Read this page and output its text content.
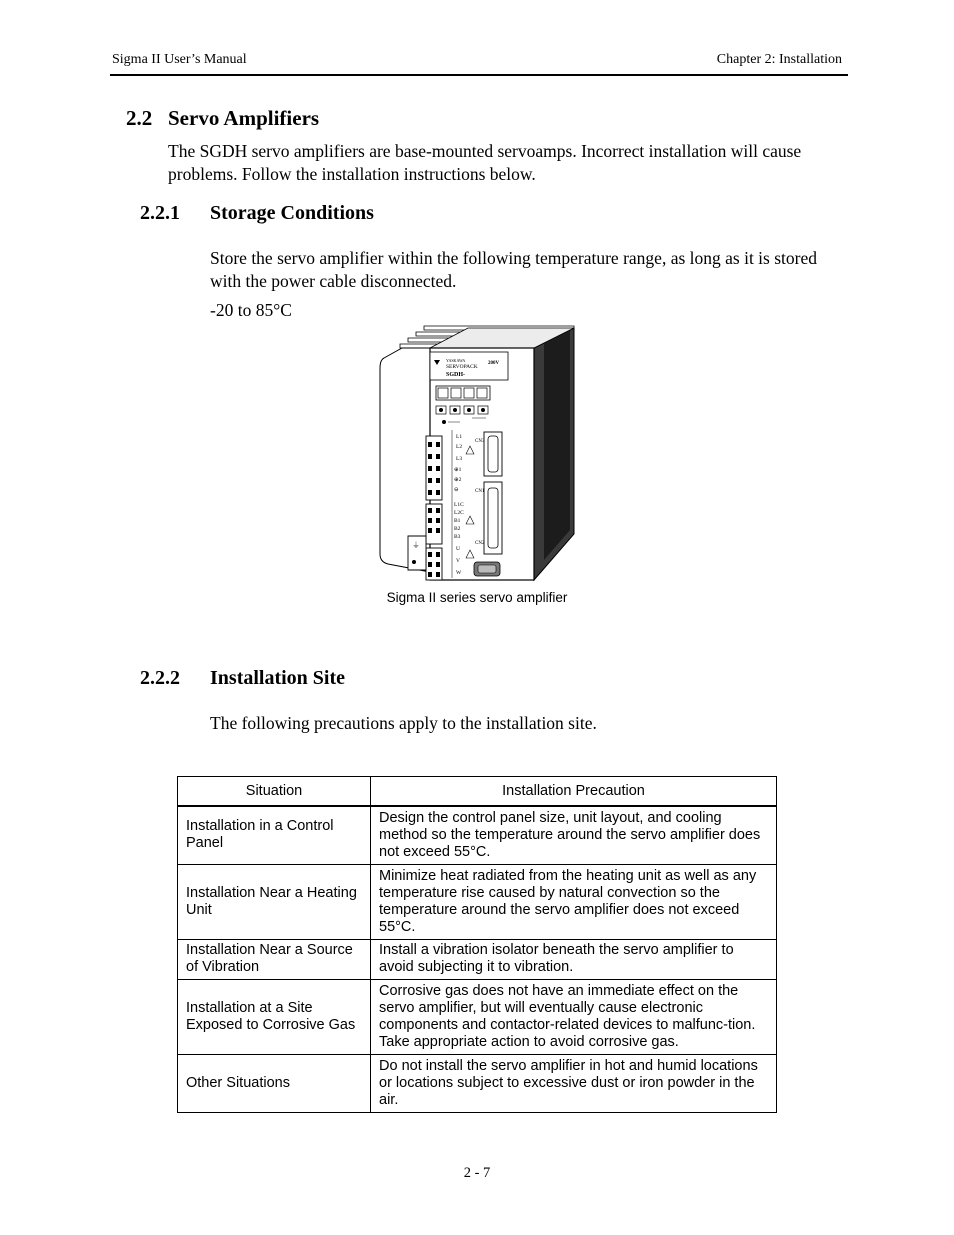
Sigma II User’s Manual	Chapter 2: Installation
2.2 Servo Amplifiers
The SGDH servo amplifiers are base-mounted servoamps. Incorrect installation will cause problems. Follow the installation instructions below.
2.2.1 Storage Conditions
Store the servo amplifier within the following temperature range, as long as it is stored with the power cable disconnected.
-20 to 85°C
YASKAWA
SERVOPACK
SGDH-
200V
⏚
L1
L2
L3
⊕1
⊕2
⊖
L1C
L2C
B1
B2
B3
U
V
W
CN3
CN1
CN2
Sigma II series servo amplifier
2.2.2 Installation Site
The following precautions apply to the installation site.
Situation	Installation Precaution
Installation in a Control Panel	Design the control panel size, unit layout, and cooling method so the temperature around the servo amplifier does not exceed 55°C.
Installation Near a Heating Unit	Minimize heat radiated from the heating unit as well as any temperature rise caused by natural convection so the temperature around the servo amplifier does not exceed 55°C.
Installation Near a Source of Vibration	Install a vibration isolator beneath the servo amplifier to avoid subjecting it to vibration.
Installation at a Site Exposed to Corrosive Gas	Corrosive gas does not have an immediate effect on the servo amplifier, but will eventually cause electronic components and contactor-related devices to malfunc-tion. Take appropriate action to avoid corrosive gas.
Other Situations	Do not install the servo amplifier in hot and humid locations or locations subject to excessive dust or iron powder in the air.
2 - 7
